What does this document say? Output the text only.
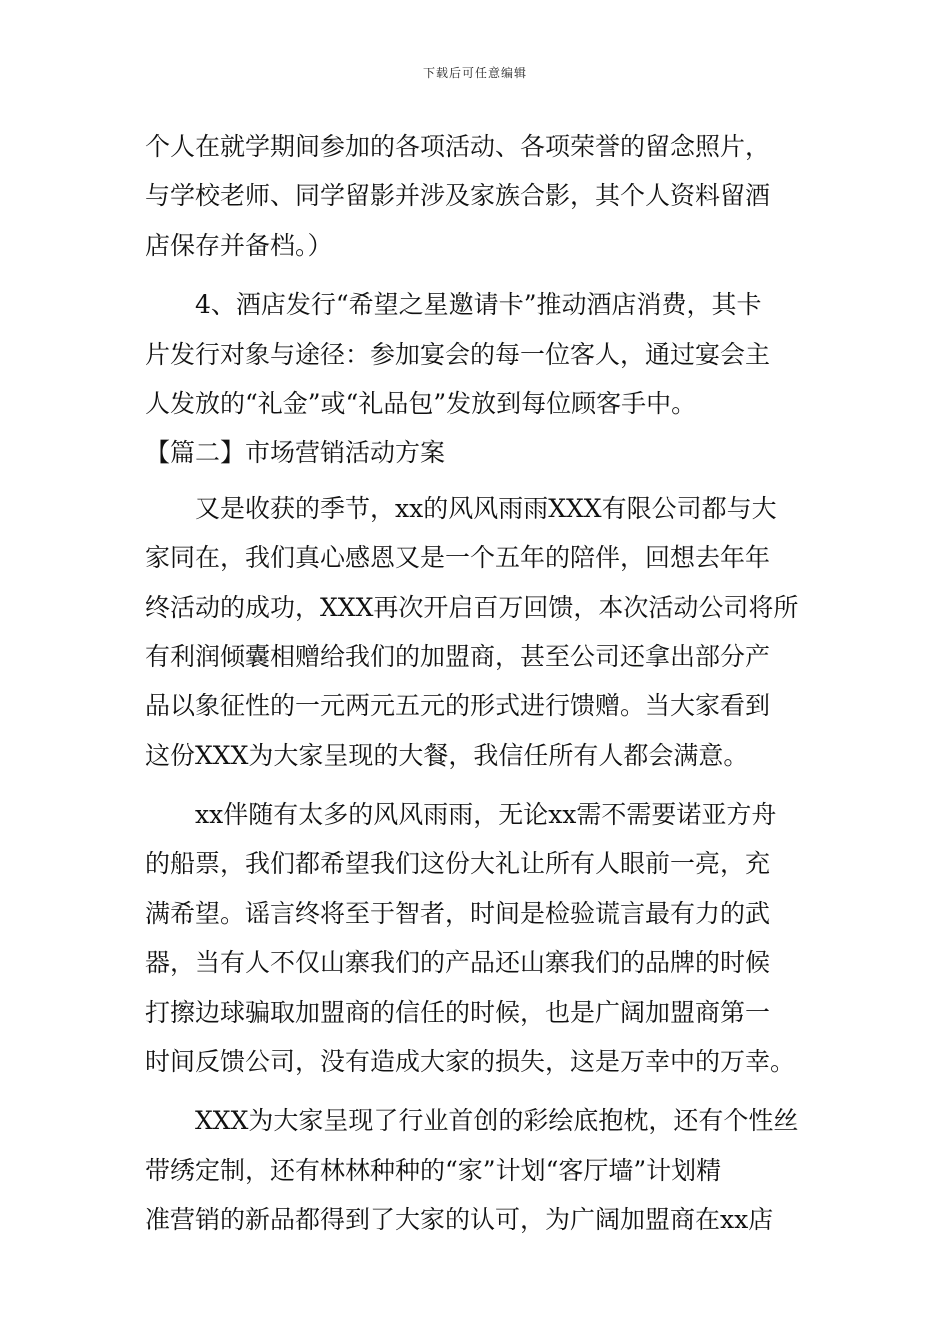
下载后可任意编辑
个人在就学期间参加的各项活动、各项荣誉的留念照片，
与学校老师、同学留影并涉及家族合影，其个人资料留酒
店保存并备档。）
4、酒店发行“希望之星邀请卡”推动酒店消费，其卡
片发行对象与途径：参加宴会的每一位客人，通过宴会主
人发放的“礼金”或“礼品包”发放到每位顾客手中。
【篇二】市场营销活动方案
又是收获的季节，xx的风风雨雨XXX有限公司都与大
家同在，我们真心感恩又是一个五年的陪伴，回想去年年
终活动的成功，XXX再次开启百万回馈，本次活动公司将所
有利润倾囊相赠给我们的加盟商，甚至公司还拿出部分产
品以象征性的一元两元五元的形式进行馈赠。当大家看到
这份XXX为大家呈现的大餐，我信任所有人都会满意。
xx伴随有太多的风风雨雨，无论xx需不需要诺亚方舟
的船票，我们都希望我们这份大礼让所有人眼前一亮，充
满希望。谣言终将至于智者，时间是检验谎言最有力的武
器，当有人不仅山寨我们的产品还山寨我们的品牌的时候
打擦边球骗取加盟商的信任的时候，也是广阔加盟商第一
时间反馈公司，没有造成大家的损失，这是万幸中的万幸。
XXX为大家呈现了行业首创的彩绘底抱枕，还有个性丝
带绣定制，还有林林种种的“家”计划“客厅墙”计划精
准营销的新品都得到了大家的认可，为广阔加盟商在xx店
